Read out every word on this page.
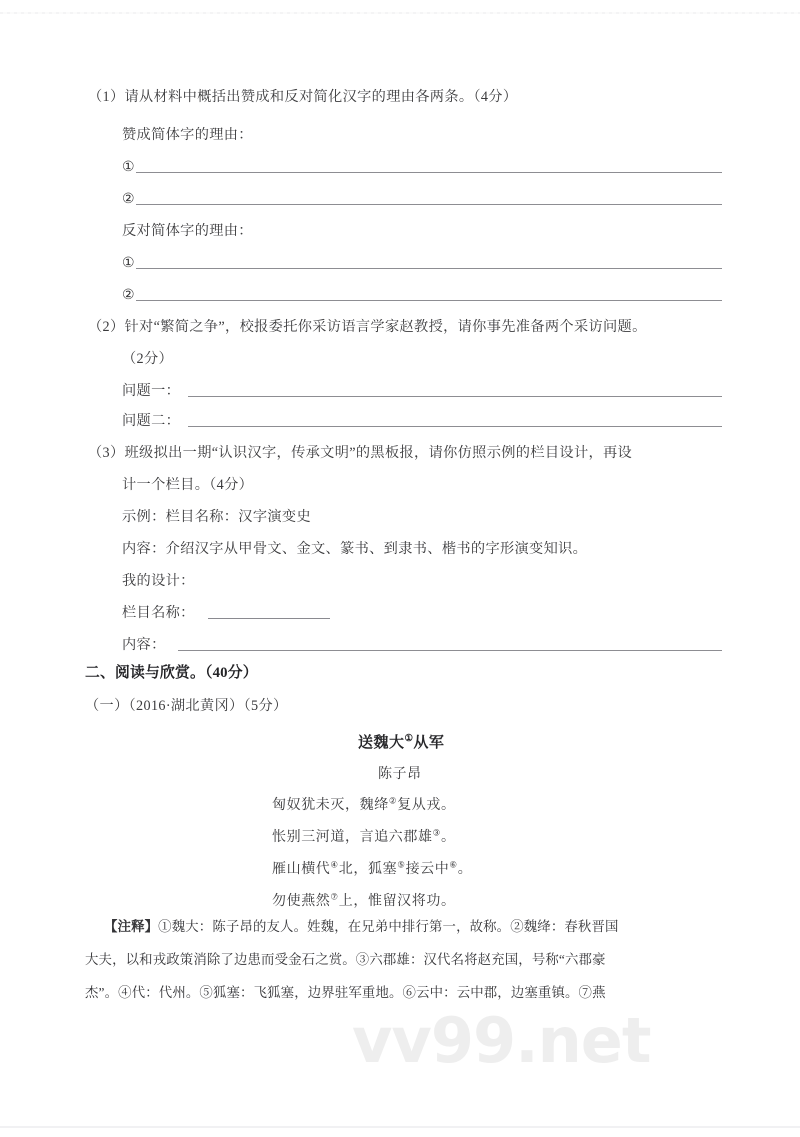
（1）请从材料中概括出赞成和反对简化汉字的理由各两条。（4分）
赞成简体字的理由：
①
②
反对简体字的理由：
①
②
（2）针对“繁简之争”，校报委托你采访语言学家赵教授，请你事先准备两个采访问题。
（2分）
问题一：
问题二：
（3）班级拟出一期“认识汉字，传承文明”的黑板报，请你仿照示例的栏目设计，再设
计一个栏目。（4分）
示例：栏目名称：汉字演变史
内容：介绍汉字从甲骨文、金文、篆书、到隶书、楷书的字形演变知识。
我的设计：
栏目名称：
内容：
二、阅读与欣赏。（40分）
（一）（2016·湖北黄冈）（5分）
送魏大①从军
陈子昂
匈奴犹未灭，魏绛②复从戎。
怅别三河道，言追六郡雄③。
雁山横代④北，狐塞⑤接云中⑥。
勿使燕然⑦上，惟留汉将功。
【注释】①魏大：陈子昂的友人。姓魏，在兄弟中排行第一，故称。②魏绛：春秋晋国
大夫，以和戎政策消除了边患而受金石之赏。③六郡雄：汉代名将赵充国，号称“六郡豪
杰”。④代：代州。⑤狐塞：飞狐塞，边界驻军重地。⑥云中：云中郡，边塞重镇。⑦燕
vv99.net
